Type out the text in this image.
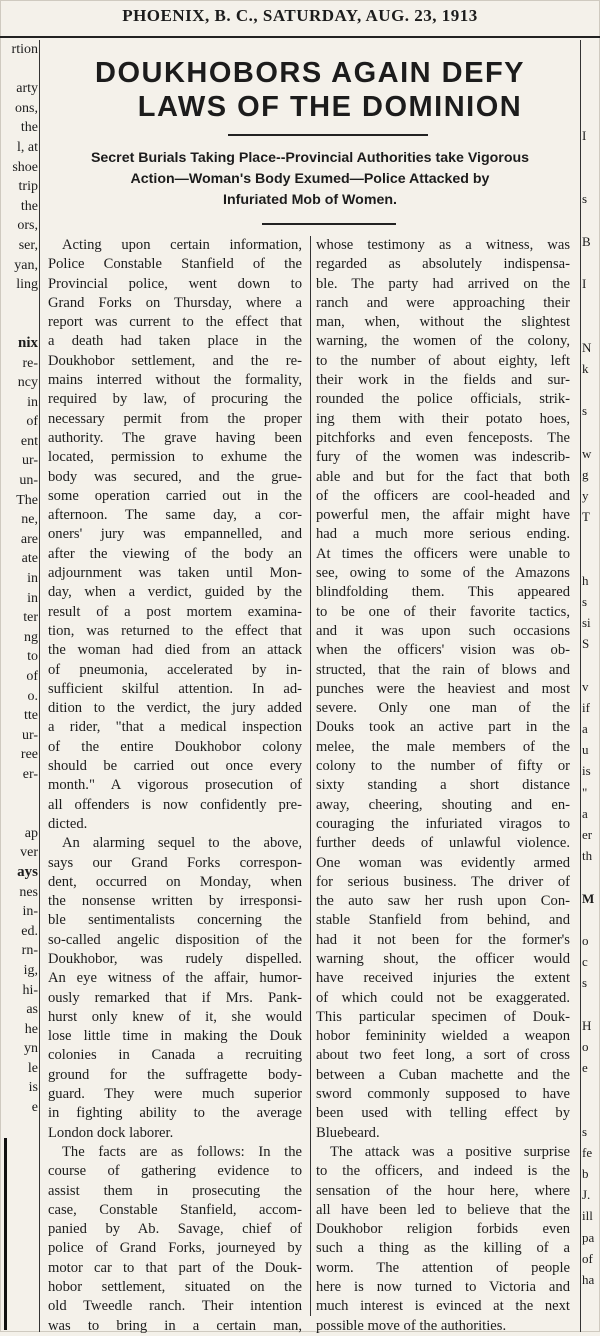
PHOENIX, B. C., SATURDAY, AUG. 23, 1913
rtion
arty
ons,
the
l, at
shoe
trip
the
ors,
ser,
yan,
ling
nix
re-
ncy
in
of
ent
ur-
un-
The
ne,
are
ate
in
in
ter
ng
to
of
o.
tte
ur-
ree
er-
ap
ver
ays
nes
in-
ed.
rn-
ig,
hi-
as
he
yn
le
is
e
I
s
B
I
N
k
s
w
g
y
T
h
s
si
S
v
if
a
u
is
"
a
er
th
M
o
c
s
H
o
e
s
fe
b
J.
ill
pa
of
ha
DOUKHOBORS AGAIN DEFY
LAWS OF THE DOMINION
Secret Burials Taking Place--Provincial Authorities take Vigorous
Action—Woman's Body Exumed—Police Attacked by
Infuriated Mob of Women.
Acting upon certain information,
Police Constable Stanfield of the
Provincial police, went down to
Grand Forks on Thursday, where a
report was current to the effect that
a death had taken place in the
Doukhobor settlement, and the re-
mains interred without the formality,
required by law, of procuring the
necessary permit from the proper
authority. The grave having been
located, permission to exhume the
body was secured, and the grue-
some operation carried out in the
afternoon. The same day, a cor-
oners' jury was empannelled, and
after the viewing of the body an
adjournment was taken until Mon-
day, when a verdict, guided by the
result of a post mortem examina-
tion, was returned to the effect that
the woman had died from an attack
of pneumonia, accelerated by in-
sufficient skilful attention. In ad-
dition to the verdict, the jury added
a rider, "that a medical inspection
of the entire Doukhobor colony
should be carried out once every
month." A vigorous prosecution of
all offenders is now confidently pre-
dicted.
An alarming sequel to the above,
says our Grand Forks correspon-
dent, occurred on Monday, when
the nonsense written by irresponsi-
ble sentimentalists concerning the
so-called angelic disposition of the
Doukhobor, was rudely dispelled.
An eye witness of the affair, humor-
ously remarked that if Mrs. Pank-
hurst only knew of it, she would
lose little time in making the Douk
colonies in Canada a recruiting
ground for the suffragette body-
guard. They were much superior
in fighting ability to the average
London dock laborer.
The facts are as follows: In the
course of gathering evidence to
assist them in prosecuting the
case, Constable Stanfield, accom-
panied by Ab. Savage, chief of
police of Grand Forks, journeyed by
motor car to that part of the Douk-
hobor settlement, situated on the
old Tweedle ranch. Their intention
was to bring in a certain man,
whose testimony as a witness, was
regarded as absolutely indispensa-
ble. The party had arrived on the
ranch and were approaching their
man, when, without the slightest
warning, the women of the colony,
to the number of about eighty, left
their work in the fields and sur-
rounded the police officials, strik-
ing them with their potato hoes,
pitchforks and even fenceposts. The
fury of the women was indescrib-
able and but for the fact that both
of the officers are cool-headed and
powerful men, the affair might have
had a much more serious ending.
At times the officers were unable to
see, owing to some of the Amazons
blindfolding them. This appeared
to be one of their favorite tactics,
and it was upon such occasions
when the officers' vision was ob-
structed, that the rain of blows and
punches were the heaviest and most
severe. Only one man of the
Douks took an active part in the
melee, the male members of the
colony to the number of fifty or
sixty standing a short distance
away, cheering, shouting and en-
couraging the infuriated viragos to
further deeds of unlawful violence.
One woman was evidently armed
for serious business. The driver of
the auto saw her rush upon Con-
stable Stanfield from behind, and
had it not been for the former's
warning shout, the officer would
have received injuries the extent
of which could not be exaggerated.
This particular specimen of Douk-
hobor femininity wielded a weapon
about two feet long, a sort of cross
between a Cuban machette and the
sword commonly supposed to have
been used with telling effect by
Bluebeard.
The attack was a positive surprise
to the officers, and indeed is the
sensation of the hour here, where
all have been led to believe that the
Doukhobor religion forbids even
such a thing as the killing of a
worm. The attention of people
here is now turned to Victoria and
much interest is evinced at the next
possible move of the authorities.
